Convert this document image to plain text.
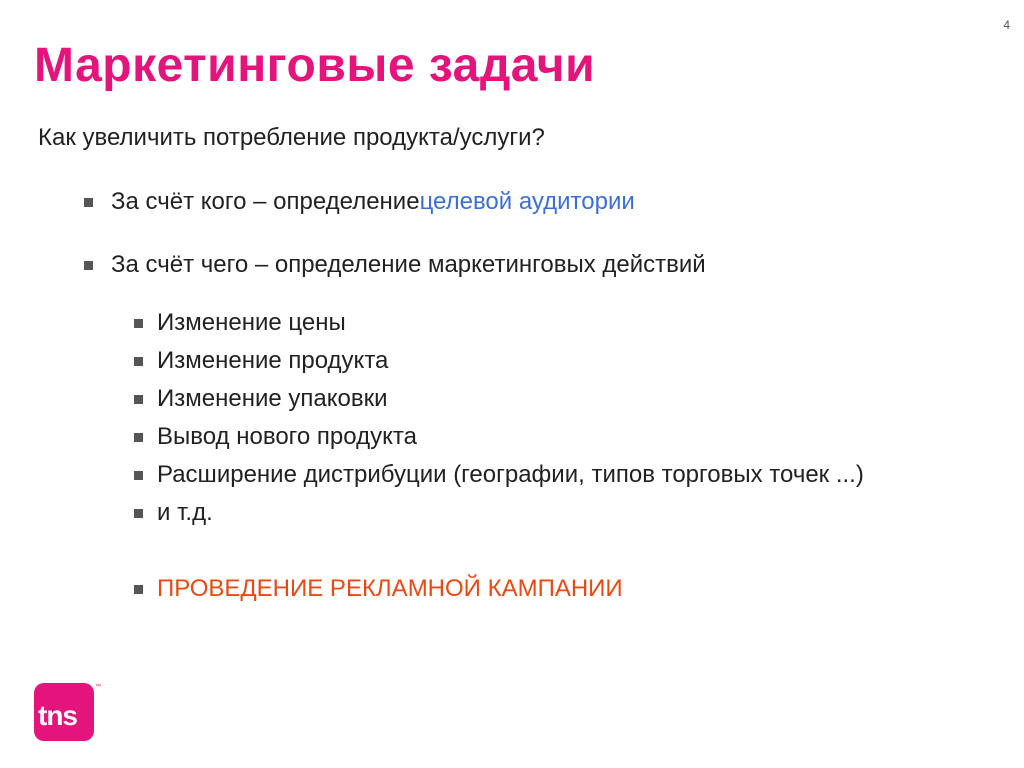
4
Маркетинговые задачи
Как увеличить потребление продукта/услуги?
За счёт кого – определение целевой аудитории
За счёт чего – определение маркетинговых действий
Изменение цены
Изменение продукта
Изменение упаковки
Вывод нового продукта
Расширение дистрибуции (географии, типов торговых точек ...)
и т.д.
ПРОВЕДЕНИЕ РЕКЛАМНОЙ КАМПАНИИ
tns
™
